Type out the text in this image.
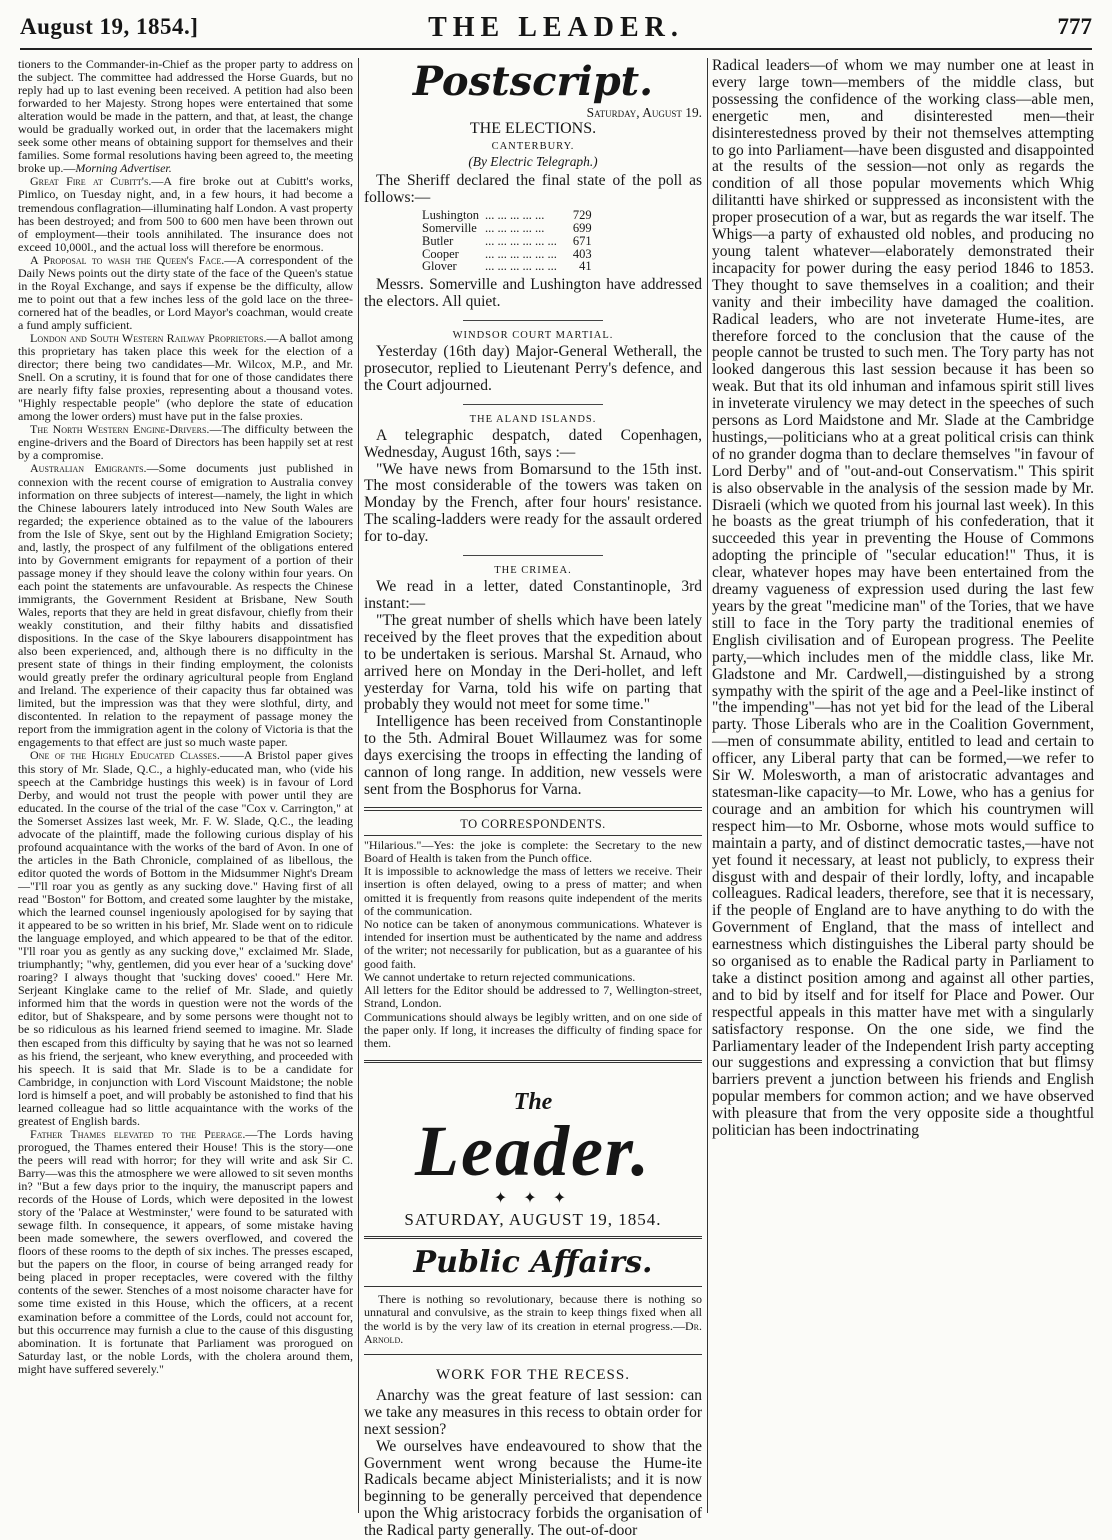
August 19, 1854.]	THE LEADER.	777

tioners to the Commander-in-Chief as the proper party to address on the subject. The committee had addressed the Horse Guards, but no reply had up to last evening been received. A petition had also been forwarded to her Majesty. Strong hopes were entertained that some alteration would be made in the pattern, and that, at least, the change would be gradually worked out, in order that the lacemakers might seek some other means of obtaining support for themselves and their families. Some formal resolutions having been agreed to, the meeting broke up.—Morning Advertiser.

Great Fire at Cubitt's.—A fire broke out at Cubitt's works, Pimlico, on Tuesday night, and, in a few hours, it had become a tremendous conflagration—illuminating half London. A vast property has been destroyed; and from 500 to 600 men have been thrown out of employment—their tools annihilated. The insurance does not exceed 10,000l., and the actual loss will therefore be enormous.

A Proposal to wash the Queen's Face.—A correspondent of the Daily News points out the dirty state of the face of the Queen's statue in the Royal Exchange, and says if expense be the difficulty, allow me to point out that a few inches less of the gold lace on the three-cornered hat of the beadles, or Lord Mayor's coachman, would create a fund amply sufficient.

London and South Western Railway Proprietors.—A ballot among this proprietary has taken place this week for the election of a director; there being two candidates—Mr. Wilcox, M.P., and Mr. Snell. On a scrutiny, it is found that for one of those candidates there are nearly fifty false proxies, representing about a thousand votes. "Highly respectable people" (who deplore the state of education among the lower orders) must have put in the false proxies.

The North Western Engine-Drivers.—The difficulty between the engine-drivers and the Board of Directors has been happily set at rest by a compromise.

Australian Emigrants.—Some documents just published in connexion with the recent course of emigration to Australia convey information on three subjects of interest—namely, the light in which the Chinese labourers lately introduced into New South Wales are regarded; the experience obtained as to the value of the labourers from the Isle of Skye, sent out by the Highland Emigration Society; and, lastly, the prospect of any fulfilment of the obligations entered into by Government emigrants for repayment of a portion of their passage money if they should leave the colony within four years. On each point the statements are unfavourable. As respects the Chinese immigrants, the Government Resident at Brisbane, New South Wales, reports that they are held in great disfavour, chiefly from their weakly constitution, and their filthy habits and dissatisfied dispositions. In the case of the Skye labourers disappointment has also been experienced, and, although there is no difficulty in the present state of things in their finding employment, the colonists would greatly prefer the ordinary agricultural people from England and Ireland. The experience of their capacity thus far obtained was limited, but the impression was that they were slothful, dirty, and discontented. In relation to the repayment of passage money the report from the immigration agent in the colony of Victoria is that the engagements to that effect are just so much waste paper.

One of the Highly Educated Classes.——A Bristol paper gives this story of Mr. Slade, Q.C., a highly-educated man, who (vide his speech at the Cambridge hustings this week) is in favour of Lord Derby, and would not trust the people with power until they are educated. In the course of the trial of the case "Cox v. Carrington," at the Somerset Assizes last week, Mr. F. W. Slade, Q.C., the leading advocate of the plaintiff, made the following curious display of his profound acquaintance with the works of the bard of Avon. In one of the articles in the Bath Chronicle, complained of as libellous, the editor quoted the words of Bottom in the Midsummer Night's Dream—"I'll roar you as gently as any sucking dove." Having first of all read "Boston" for Bottom, and created some laughter by the mistake, which the learned counsel ingeniously apologised for by saying that it appeared to be so written in his brief, Mr. Slade went on to ridicule the language employed, and which appeared to be that of the editor. "I'll roar you as gently as any sucking dove," exclaimed Mr. Slade, triumphantly; "why, gentlemen, did you ever hear of a 'sucking dove' roaring? I always thought that 'sucking doves' cooed." Here Mr. Serjeant Kinglake came to the relief of Mr. Slade, and quietly informed him that the words in question were not the words of the editor, but of Shakspeare, and by some persons were thought not to be so ridiculous as his learned friend seemed to imagine. Mr. Slade then escaped from this difficulty by saying that he was not so learned as his friend, the serjeant, who knew everything, and proceeded with his speech. It is said that Mr. Slade is to be a candidate for Cambridge, in conjunction with Lord Viscount Maidstone; the noble lord is himself a poet, and will probably be astonished to find that his learned colleague had so little acquaintance with the works of the greatest of English bards.

Father Thames elevated to the Peerage.—The Lords having prorogued, the Thames entered their House! This is the story—one the peers will read with horror; for they will write and ask Sir C. Barry—was this the atmosphere we were allowed to sit seven months in? "But a few days prior to the inquiry, the manuscript papers and records of the House of Lords, which were deposited in the lowest story of the 'Palace at Westminster,' were found to be saturated with sewage filth. In consequence, it appears, of some mistake having been made somewhere, the sewers overflowed, and covered the floors of these rooms to the depth of six inches. The presses escaped, but the papers on the floor, in course of being arranged ready for being placed in proper receptacles, were covered with the filthy contents of the sewer. Stenches of a most noisome character have for some time existed in this House, which the officers, at a recent examination before a committee of the Lords, could not account for, but this occurrence may furnish a clue to the cause of this disgusting abomination. It is fortunate that Parliament was prorogued on Saturday last, or the noble Lords, with the cholera around them, might have suffered severely."

Postscript.
Saturday, August 19.
THE ELECTIONS.
CANTERBURY.
(By Electric Telegraph.)

The Sheriff declared the final state of the poll as follows:—

Lushington	... ... ... ... ...	729
Somerville	... ... ... ... ...	699
Butler	... ... ... ... ... ...	671
Cooper	... ... ... ... ... ...	403
Glover	... ... ... ... ... ...	41

Messrs. Somerville and Lushington have addressed the electors. All quiet.

WINDSOR COURT MARTIAL.

Yesterday (16th day) Major-General Wetherall, the prosecutor, replied to Lieutenant Perry's defence, and the Court adjourned.

THE ALAND ISLANDS.

A telegraphic despatch, dated Copenhagen, Wednesday, August 16th, says :—

"We have news from Bomarsund to the 15th inst. The most considerable of the towers was taken on Monday by the French, after four hours' resistance. The scaling-ladders were ready for the assault ordered for to-day.

THE CRIMEA.

We read in a letter, dated Constantinople, 3rd instant:—

"The great number of shells which have been lately received by the fleet proves that the expedition about to be undertaken is serious. Marshal St. Arnaud, who arrived here on Monday in the Deri-hollet, and left yesterday for Varna, told his wife on parting that probably they would not meet for some time."

Intelligence has been received from Constantinople to the 5th. Admiral Bouet Willaumez was for some days exercising the troops in effecting the landing of cannon of long range. In addition, new vessels were sent from the Bosphorus for Varna.

TO CORRESPONDENTS.

"Hilarious."—Yes: the joke is complete: the Secretary to the new Board of Health is taken from the Punch office.

It is impossible to acknowledge the mass of letters we receive. Their insertion is often delayed, owing to a press of matter; and when omitted it is frequently from reasons quite independent of the merits of the communication.

No notice can be taken of anonymous communications. Whatever is intended for insertion must be authenticated by the name and address of the writer; not necessarily for publication, but as a guarantee of his good faith.

We cannot undertake to return rejected communications.

All letters for the Editor should be addressed to 7, Wellington-street, Strand, London.

Communications should always be legibly written, and on one side of the paper only. If long, it increases the difficulty of finding space for them.

The
Leader.
✦ ✦ ✦
SATURDAY, AUGUST 19, 1854.
Public Affairs.

There is nothing so revolutionary, because there is nothing so unnatural and convulsive, as the strain to keep things fixed when all the world is by the very law of its creation in eternal progress.—Dr. Arnold.

WORK FOR THE RECESS.

Anarchy was the great feature of last session: can we take any measures in this recess to obtain order for next session?

We ourselves have endeavoured to show that the Government went wrong because the Hume-ite Radicals became abject Ministerialists; and it is now beginning to be generally perceived that dependence upon the Whig aristocracy forbids the organisation of the Radical party generally. The out-of-door

Radical leaders—of whom we may number one at least in every large town—members of the middle class, but possessing the confidence of the working class—able men, energetic men, and disinterested men—their disinterestedness proved by their not themselves attempting to go into Parliament—have been disgusted and disappointed at the results of the session—not only as regards the condition of all those popular movements which Whig dilitantti have shirked or suppressed as inconsistent with the proper prosecution of a war, but as regards the war itself. The Whigs—a party of exhausted old nobles, and producing no young talent whatever—elaborately demonstrated their incapacity for power during the easy period 1846 to 1853. They thought to save themselves in a coalition; and their vanity and their imbecility have damaged the coalition. Radical leaders, who are not inveterate Hume-ites, are therefore forced to the conclusion that the cause of the people cannot be trusted to such men. The Tory party has not looked dangerous this last session because it has been so weak. But that its old inhuman and infamous spirit still lives in inveterate virulency we may detect in the speeches of such persons as Lord Maidstone and Mr. Slade at the Cambridge hustings,—politicians who at a great political crisis can think of no grander dogma than to declare themselves "in favour of Lord Derby" and of "out-and-out Conservatism." This spirit is also observable in the analysis of the session made by Mr. Disraeli (which we quoted from his journal last week). In this he boasts as the great triumph of his confederation, that it succeeded this year in preventing the House of Commons adopting the principle of "secular education!" Thus, it is clear, whatever hopes may have been entertained from the dreamy vagueness of expression used during the last few years by the great "medicine man" of the Tories, that we have still to face in the Tory party the traditional enemies of English civilisation and of European progress. The Peelite party,—which includes men of the middle class, like Mr. Gladstone and Mr. Cardwell,—distinguished by a strong sympathy with the spirit of the age and a Peel-like instinct of "the impending"—has not yet bid for the lead of the Liberal party. Those Liberals who are in the Coalition Government,—men of consummate ability, entitled to lead and certain to officer, any Liberal party that can be formed,—we refer to Sir W. Molesworth, a man of aristocratic advantages and statesman-like capacity—to Mr. Lowe, who has a genius for courage and an ambition for which his countrymen will respect him—to Mr. Osborne, whose mots would suffice to maintain a party, and of distinct democratic tastes,—have not yet found it necessary, at least not publicly, to express their disgust with and despair of their lordly, lofty, and incapable colleagues. Radical leaders, therefore, see that it is necessary, if the people of England are to have anything to do with the Government of England, that the mass of intellect and earnestness which distinguishes the Liberal party should be so organised as to enable the Radical party in Parliament to take a distinct position among and against all other parties, and to bid by itself and for itself for Place and Power. Our respectful appeals in this matter have met with a singularly satisfactory response. On the one side, we find the Parliamentary leader of the Independent Irish party accepting our suggestions and expressing a conviction that but flimsy barriers prevent a junction between his friends and English popular members for common action; and we have observed with pleasure that from the very opposite side a thoughtful politician has been indoctrinating
